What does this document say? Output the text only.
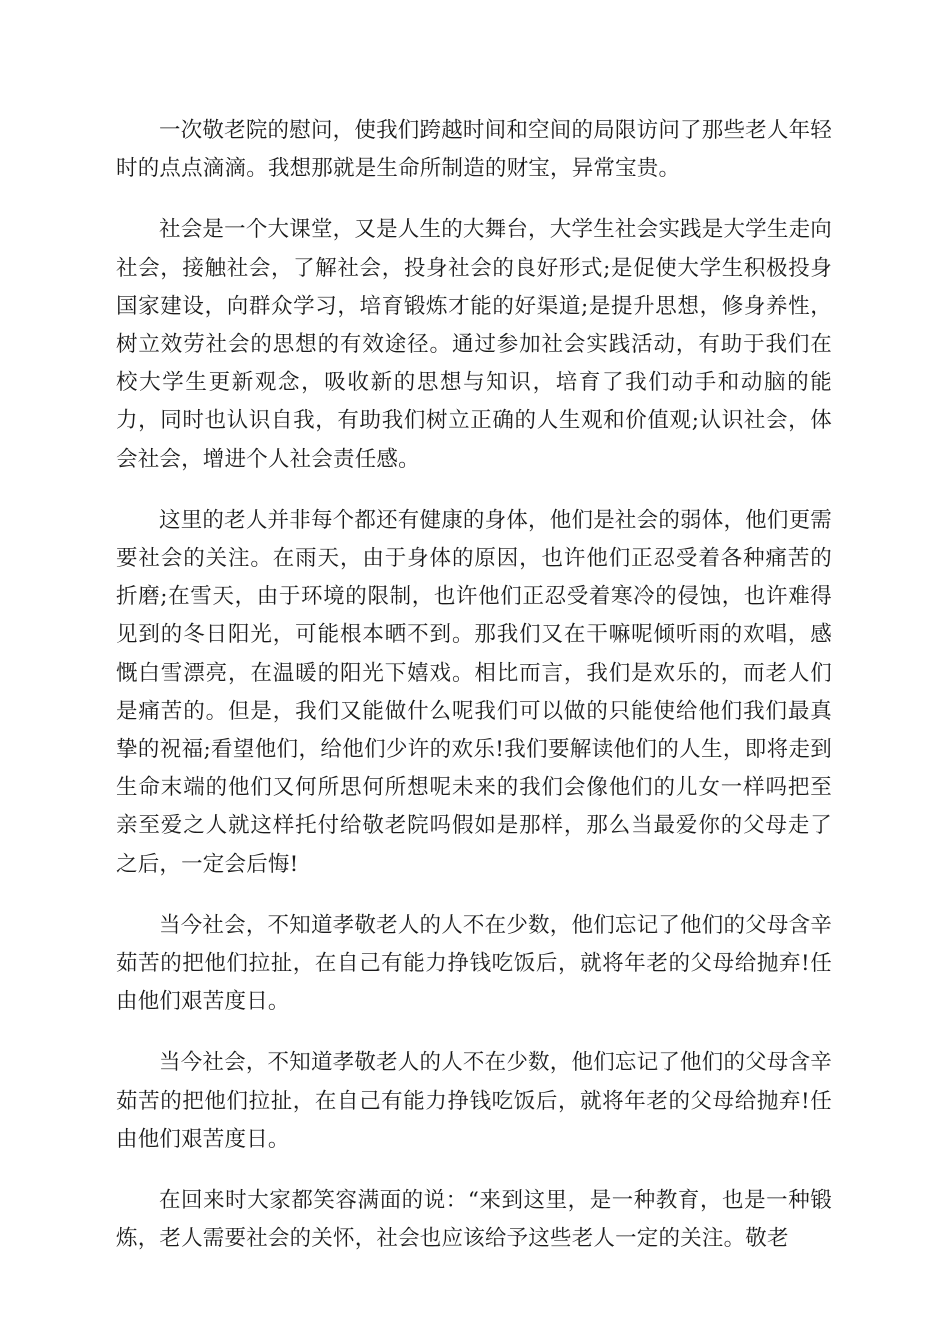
一次敬老院的慰问，使我们跨越时间和空间的局限访问了那些老人年轻时的点点滴滴。我想那就是生命所制造的财宝，异常宝贵。

社会是一个大课堂，又是人生的大舞台，大学生社会实践是大学生走向社会，接触社会，了解社会，投身社会的良好形式;是促使大学生积极投身国家建设，向群众学习，培育锻炼才能的好渠道;是提升思想，修身养性，树立效劳社会的思想的有效途径。通过参加社会实践活动，有助于我们在校大学生更新观念，吸收新的思想与知识，培育了我们动手和动脑的能力，同时也认识自我，有助我们树立正确的人生观和价值观;认识社会，体会社会，增进个人社会责任感。

这里的老人并非每个都还有健康的身体，他们是社会的弱体，他们更需要社会的关注。在雨天，由于身体的原因，也许他们正忍受着各种痛苦的折磨;在雪天，由于环境的限制，也许他们正忍受着寒冷的侵蚀，也许难得见到的冬日阳光，可能根本晒不到。那我们又在干嘛呢倾听雨的欢唱，感慨白雪漂亮，在温暖的阳光下嬉戏。相比而言，我们是欢乐的，而老人们是痛苦的。但是，我们又能做什么呢我们可以做的只能使给他们我们最真挚的祝福;看望他们，给他们少许的欢乐!我们要解读他们的人生，即将走到生命末端的他们又何所思何所想呢未来的我们会像他们的儿女一样吗把至亲至爱之人就这样托付给敬老院吗假如是那样，那么当最爱你的父母走了之后，一定会后悔!

当今社会，不知道孝敬老人的人不在少数，他们忘记了他们的父母含辛茹苦的把他们拉扯，在自己有能力挣钱吃饭后，就将年老的父母给抛弃!任由他们艰苦度日。

当今社会，不知道孝敬老人的人不在少数，他们忘记了他们的父母含辛茹苦的把他们拉扯，在自己有能力挣钱吃饭后，就将年老的父母给抛弃!任由他们艰苦度日。

在回来时大家都笑容满面的说：“来到这里，是一种教育，也是一种锻炼，老人需要社会的关怀，社会也应该给予这些老人一定的关注。敬老
